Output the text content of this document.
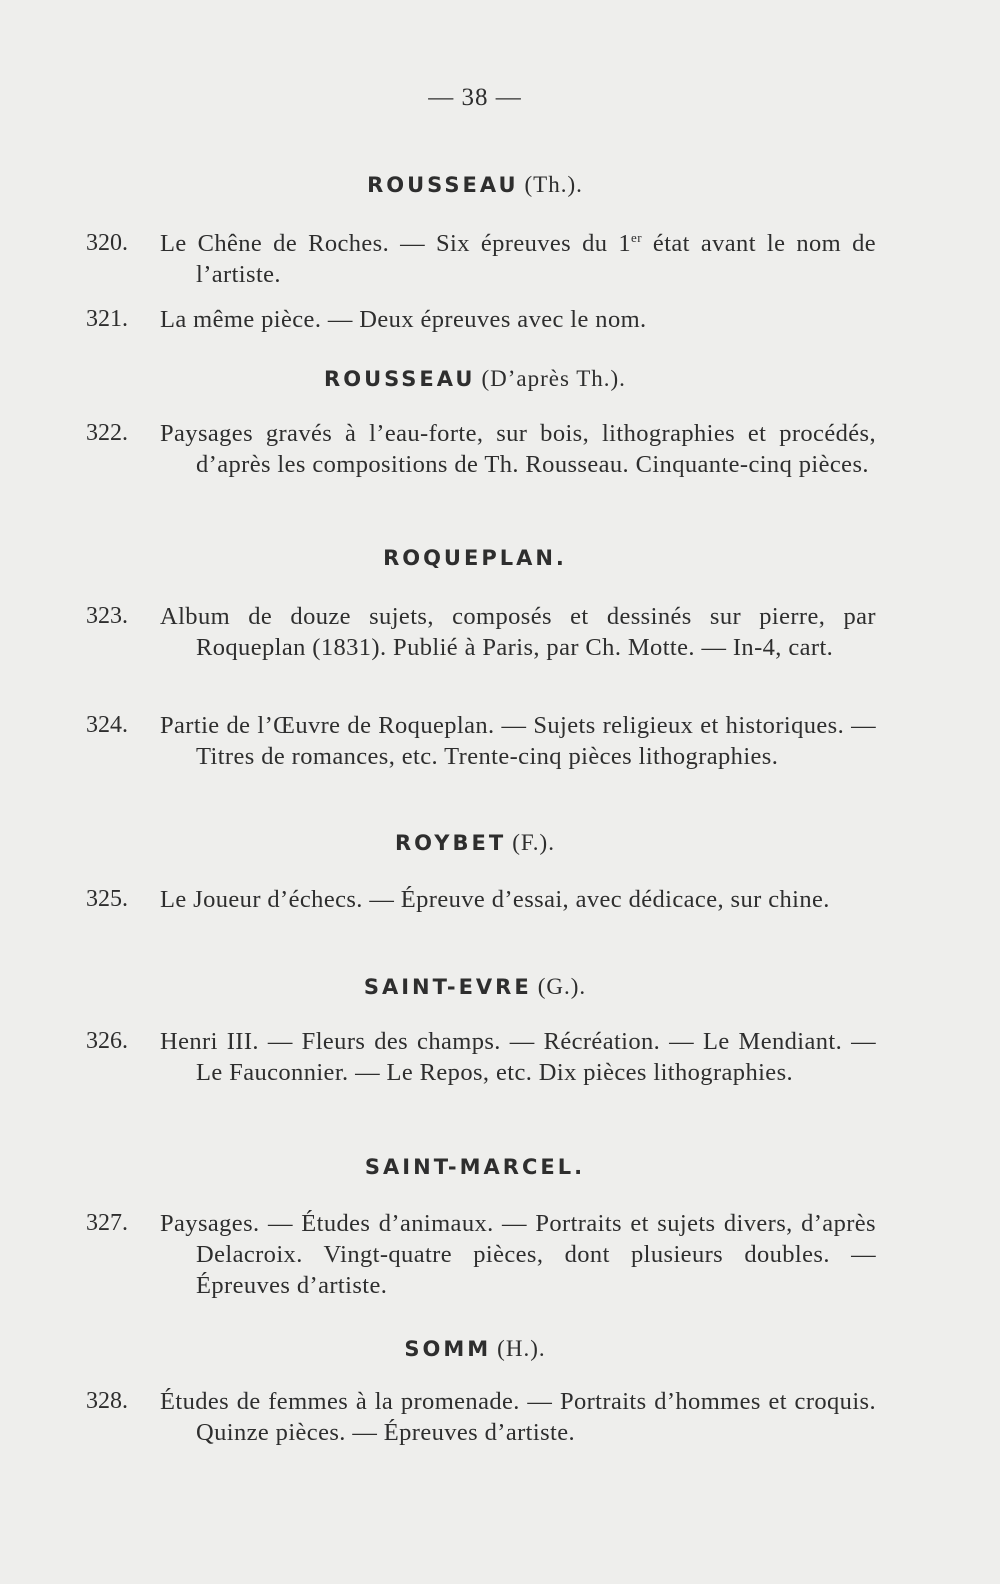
— 38 —
ROUSSEAU (Th.).
320. Le Chêne de Roches. — Six épreuves du 1er état avant le nom de l’artiste.
321. La même pièce. — Deux épreuves avec le nom.
ROUSSEAU (D’après Th.).
322. Paysages gravés à l’eau-forte, sur bois, lithographies et procédés, d’après les compositions de Th. Rousseau. Cinquante-cinq pièces.
ROQUEPLAN.
323. Album de douze sujets, composés et dessinés sur pierre, par Roqueplan (1831). Publié à Paris, par Ch. Motte. — In-4, cart.
324. Partie de l’Œuvre de Roqueplan. — Sujets religieux et historiques. — Titres de romances, etc. Trente-cinq pièces lithographies.
ROYBET (F.).
325. Le Joueur d’échecs. — Épreuve d’essai, avec dédicace, sur chine.
SAINT-EVRE (G.).
326. Henri III. — Fleurs des champs. — Récréation. — Le Mendiant. — Le Fauconnier. — Le Repos, etc. Dix pièces lithographies.
SAINT-MARCEL.
327. Paysages. — Études d’animaux. — Portraits et sujets divers, d’après Delacroix. Vingt-quatre pièces, dont plusieurs doubles. — Épreuves d’artiste.
SOMM (H.).
328. Études de femmes à la promenade. — Portraits d’hommes et croquis. Quinze pièces. — Épreuves d’artiste.
